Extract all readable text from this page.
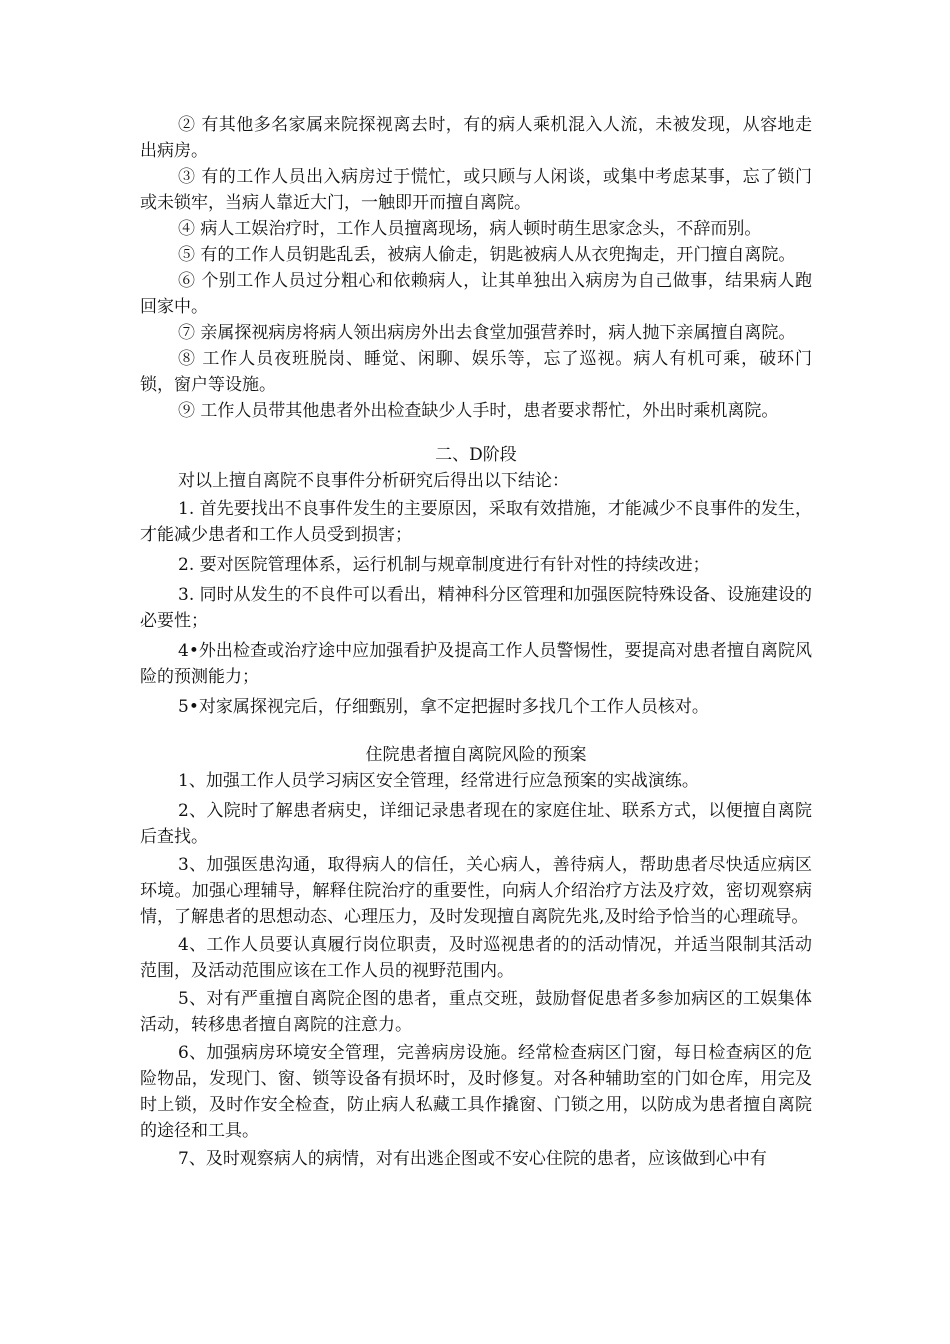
② 有其他多名家属来院探视离去时，有的病人乘机混入人流，未被发现，从容地走出病房。

③ 有的工作人员出入病房过于慌忙，或只顾与人闲谈，或集中考虑某事，忘了锁门或未锁牢，当病人靠近大门，一触即开而擅自离院。

④ 病人工娱治疗时，工作人员擅离现场，病人顿时萌生思家念头，不辞而别。

⑤ 有的工作人员钥匙乱丢，被病人偷走，钥匙被病人从衣兜掏走，开门擅自离院。

⑥ 个别工作人员过分粗心和依赖病人，让其单独出入病房为自己做事，结果病人跑回家中。

⑦ 亲属探视病房将病人领出病房外出去食堂加强营养时，病人抛下亲属擅自离院。

⑧ 工作人员夜班脱岗、睡觉、闲聊、娱乐等，忘了巡视。病人有机可乘，破环门锁，窗户等设施。

⑨ 工作人员带其他患者外出检查缺少人手时，患者要求帮忙，外出时乘机离院。

二、D阶段

对以上擅自离院不良事件分析研究后得出以下结论：

1. 首先要找出不良事件发生的主要原因，采取有效措施，才能减少不良事件的发生，才能减少患者和工作人员受到损害；

2. 要对医院管理体系，运行机制与规章制度进行有针对性的持续改进；

3. 同时从发生的不良件可以看出，精神科分区管理和加强医院特殊设备、设施建设的必要性；

4•外出检查或治疗途中应加强看护及提高工作人员警惕性，要提高对患者擅自离院风险的预测能力；

5•对家属探视完后，仔细甄别，拿不定把握时多找几个工作人员核对。

住院患者擅自离院风险的预案

1、加强工作人员学习病区安全管理，经常进行应急预案的实战演练。

2、入院时了解患者病史，详细记录患者现在的家庭住址、联系方式，以便擅自离院后查找。

3、加强医患沟通，取得病人的信任，关心病人，善待病人，帮助患者尽快适应病区环境。加强心理辅导，解释住院治疗的重要性，向病人介绍治疗方法及疗效，密切观察病情，了解患者的思想动态、心理压力，及时发现擅自离院先兆,及时给予恰当的心理疏导。

4、工作人员要认真履行岗位职责，及时巡视患者的的活动情况，并适当限制其活动范围，及活动范围应该在工作人员的视野范围内。

5、对有严重擅自离院企图的患者，重点交班，鼓励督促患者多参加病区的工娱集体活动，转移患者擅自离院的注意力。

6、加强病房环境安全管理，完善病房设施。经常检查病区门窗，每日检查病区的危险物品，发现门、窗、锁等设备有损坏时，及时修复。对各种辅助室的门如仓库，用完及时上锁，及时作安全检查，防止病人私藏工具作撬窗、门锁之用，以防成为患者擅自离院的途径和工具。

7、及时观察病人的病情，对有出逃企图或不安心住院的患者，应该做到心中有
